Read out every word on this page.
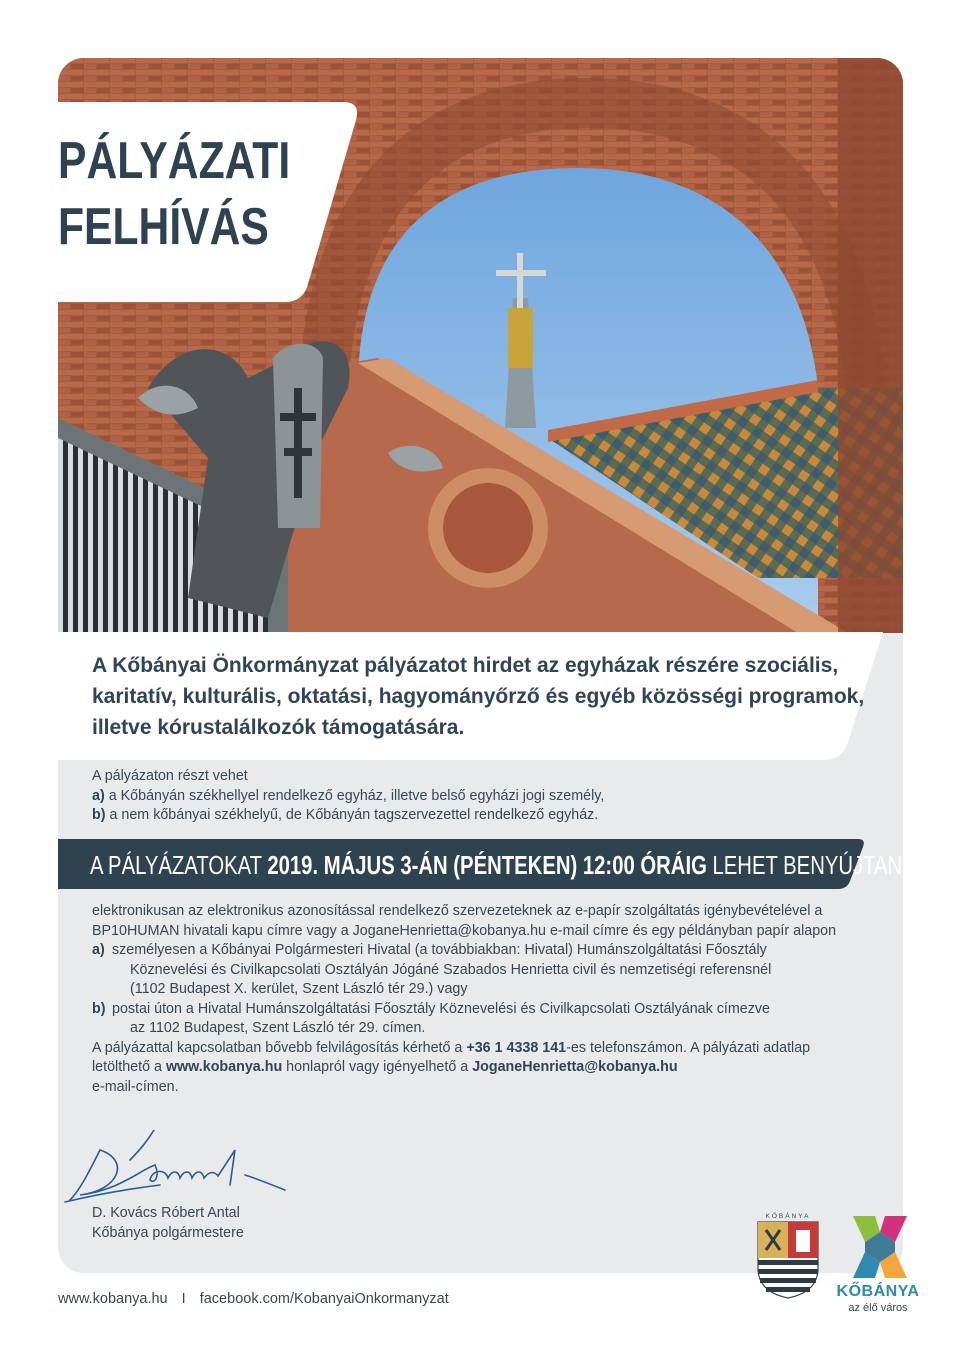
PÁLYÁZATI
FELHÍVÁS
A Kőbányai Önkormányzat pályázatot hirdet az egyházak részére szociális, karitatív, kulturális, oktatási, hagyományőrző és egyéb közösségi programok, illetve kórustalálkozók támogatására.
A pályázaton részt vehet
a) a Kőbányán székhellyel rendelkező egyház, illetve belső egyházi jogi személy,
b) a nem kőbányai székhelyű, de Kőbányán tagszervezettel rendelkező egyház.
A PÁLYÁZATOKAT 2019. MÁJUS 3-ÁN (PÉNTEKEN) 12:00 ÓRÁIG LEHET BENYÚJTANI

elektronikusan az elektronikus azonosítással rendelkező szervezeteknek az e-papír szolgáltatás igénybevételével a BP10HUMAN hivatali kapu címre vagy a JoganeHenrietta@kobanya.hu e-mail címre és egy példányban papír alapon

a) személyesen a Kőbányai Polgármesteri Hivatal (a továbbiakban: Hivatal) Humánszolgáltatási Főosztály
Köznevelési és Civilkapcsolati Osztályán Jógáné Szabados Henrietta civil és nemzetiségi referensnél
(1102 Budapest X. kerület, Szent László tér 29.) vagy
b) postai úton a Hivatal Humánszolgáltatási Főosztály Köznevelési és Civilkapcsolati Osztályának címezve
az 1102 Budapest, Szent László tér 29. címen.

A pályázattal kapcsolatban bővebb felvilágosítás kérhető a +36 1 4338 141-es telefonszámon. A pályázati adatlap letölthető a www.kobanya.hu honlapról vagy igényelhető a JoganeHenrietta@kobanya.hu
e-mail-címen.

D. Kovács Róbert Antal
Kőbánya polgármestere
KŐBÁNYA
KŐBÁNYA
az élő város
www.kobanya.hu I facebook.com/KobanyaiOnkormanyzat
